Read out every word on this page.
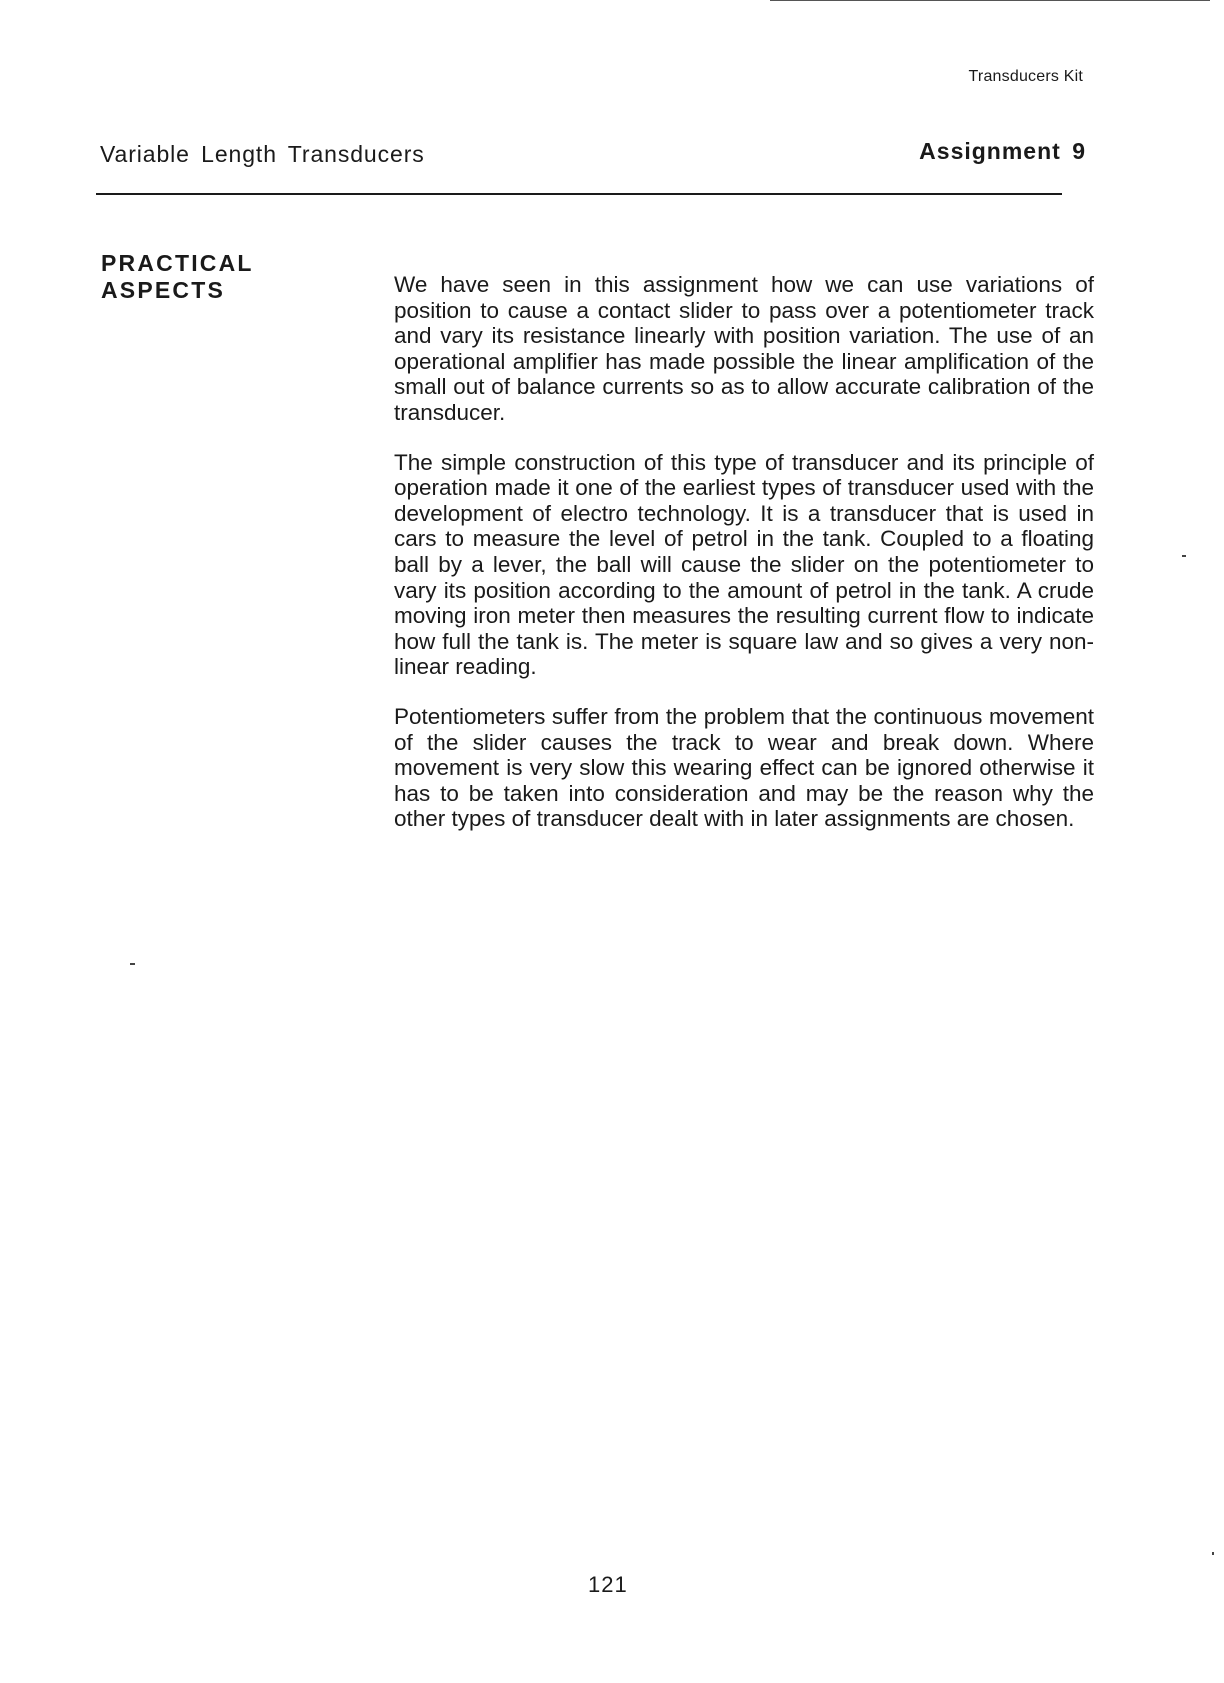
Transducers Kit
Variable Length Transducers	Assignment 9
PRACTICAL
ASPECTS	We have seen in this assignment how we can use variations of position to cause a contact slider to pass over a potentiometer track and vary its resistance linearly with position variation. The use of an operational amplifier has made possible the linear amplification of the small out of balance currents so as to allow accurate calibration of the transducer.

The simple construction of this type of transducer and its principle of operation made it one of the earliest types of transducer used with the development of electro technology. It is a transducer that is used in cars to measure the level of petrol in the tank. Coupled to a floating ball by a lever, the ball will cause the slider on the potentiometer to vary its position according to the amount of petrol in the tank. A crude moving iron meter then measures the resulting current flow to indicate how full the tank is. The meter is square law and so gives a very non-linear reading.

Potentiometers suffer from the problem that the continuous movement of the slider causes the track to wear and break down. Where movement is very slow this wearing effect can be ignored otherwise it has to be taken into consideration and may be the reason why the other types of transducer dealt with in later assignments are chosen.

121
